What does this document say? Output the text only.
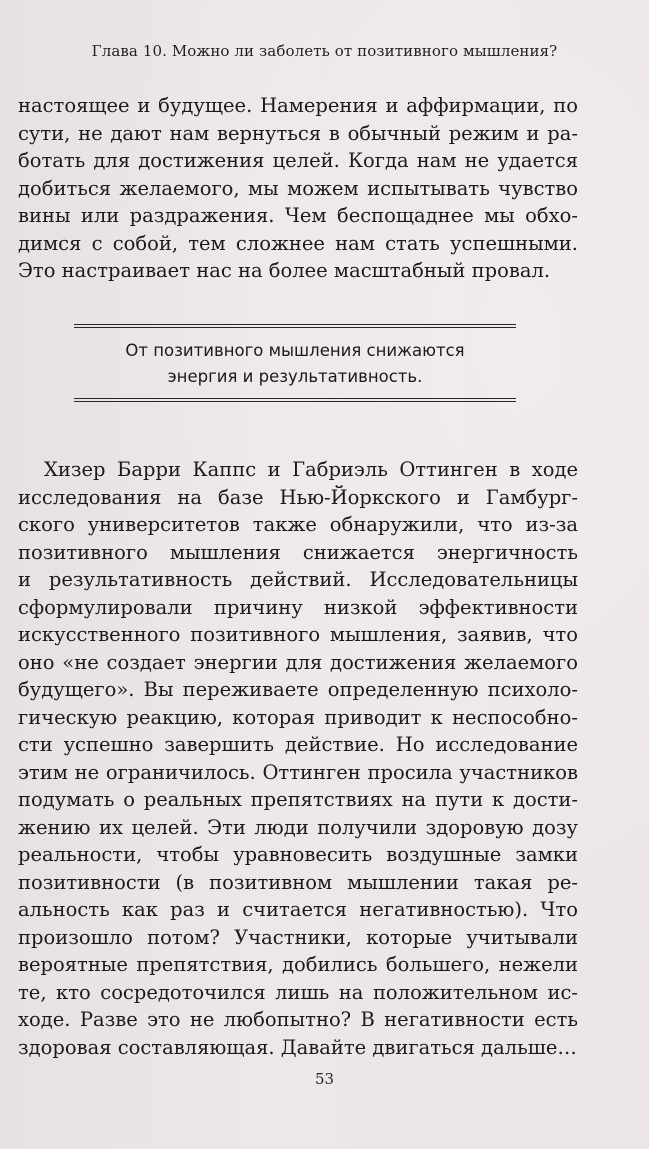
Глава 10. Можно ли заболеть от позитивного мышления?

настоящее и будущее. Намерения и аффирмации, по
сути, не дают нам вернуться в обычный режим и ра-
ботать для достижения целей. Когда нам не удается
добиться желаемого, мы можем испытывать чувство
вины или раздражения. Чем беспощаднее мы обхо-
димся с собой, тем сложнее нам стать успешными.
Это настраивает нас на более масштабный провал.

От позитивного мышления снижаются
энергия и результативность.

Хизер Барри Каппс и Габриэль Оттинген в ходе
исследования на базе Нью-Йоркского и Гамбург-
ского университетов также обнаружили, что из-за
позитивного мышления снижается энергичность
и результативность действий. Исследовательницы
сформулировали причину низкой эффективности
искусственного позитивного мышления, заявив, что
оно «не создает энергии для достижения желаемого
будущего». Вы переживаете определенную психоло-
гическую реакцию, которая приводит к неспособно-
сти успешно завершить действие. Но исследование
этим не ограничилось. Оттинген просила участников
подумать о реальных препятствиях на пути к дости-
жению их целей. Эти люди получили здоровую дозу
реальности, чтобы уравновесить воздушные замки
позитивности (в позитивном мышлении такая ре-
альность как раз и считается негативностью). Что
произошло потом? Участники, которые учитывали
вероятные препятствия, добились большего, нежели
те, кто сосредоточился лишь на положительном ис-
ходе. Разве это не любопытно? В негативности есть
здоровая составляющая. Давайте двигаться дальше…

53
